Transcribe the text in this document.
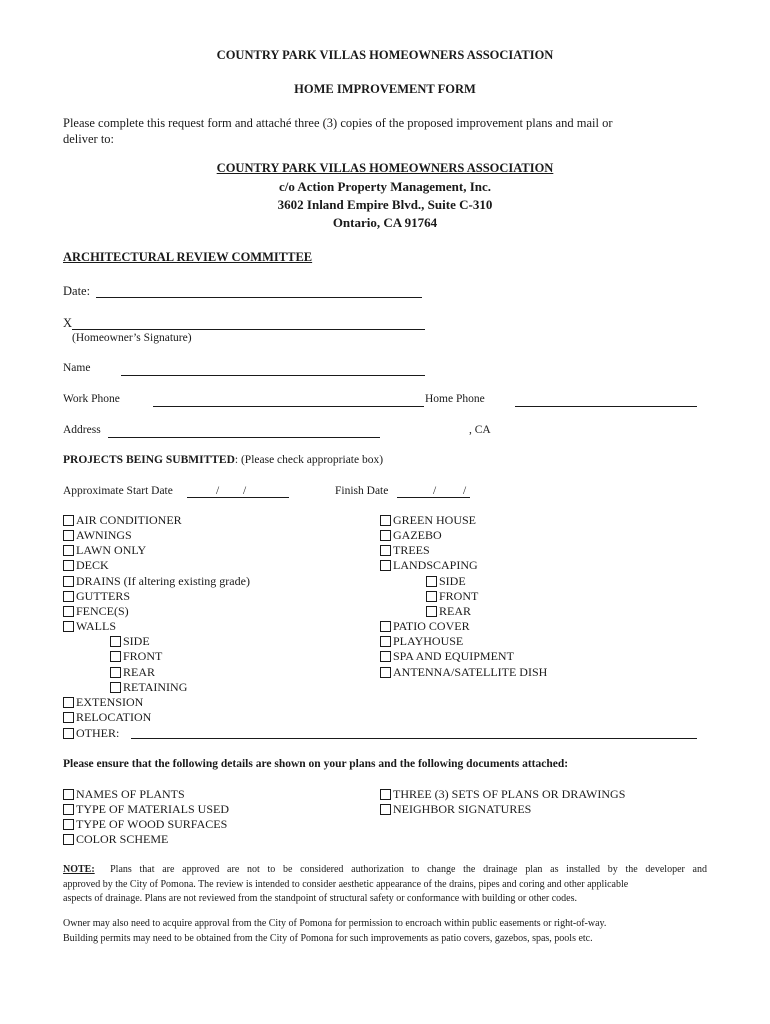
COUNTRY PARK VILLAS HOMEOWNERS ASSOCIATION
HOME IMPROVEMENT FORM
Please complete this request form and attaché three (3) copies of the proposed improvement plans and mail or
deliver to:
COUNTRY PARK VILLAS HOMEOWNERS ASSOCIATION
c/o Action Property Management, Inc.
3602 Inland Empire Blvd., Suite C-310
Ontario, CA 91764
ARCHITECTURAL REVIEW COMMITTEE
Date:
X
(Homeowner’s Signature)
Name
Work Phone	Home Phone
Address	, CA
PROJECTS BEING SUBMITTED: (Please check appropriate box)
Approximate Start Date	/ /	Finish Date	/ /
AIR CONDITIONER
AWNINGS
LAWN ONLY
DECK
DRAINS (If altering existing grade)
GUTTERS
FENCE(S)
WALLS
SIDE
FRONT
REAR
RETAINING
EXTENSION
RELOCATION
OTHER:
GREEN HOUSE
GAZEBO
TREES
LANDSCAPING
SIDE
FRONT
REAR
PATIO COVER
PLAYHOUSE
SPA AND EQUIPMENT
ANTENNA/SATELLITE DISH
Please ensure that the following details are shown on your plans and the following documents attached:
NAMES OF PLANTS
TYPE OF MATERIALS USED
TYPE OF WOOD SURFACES
COLOR SCHEME
THREE (3) SETS OF PLANS OR DRAWINGS
NEIGHBOR SIGNATURES
NOTE: Plans that are approved are not to be considered authorization to change the drainage plan as installed by the developer and
approved by the City of Pomona. The review is intended to consider aesthetic appearance of the drains, pipes and coring and other applicable
aspects of drainage. Plans are not reviewed from the standpoint of structural safety or conformance with building or other codes.
Owner may also need to acquire approval from the City of Pomona for permission to encroach within public easements or right-of-way.
Building permits may need to be obtained from the City of Pomona for such improvements as patio covers, gazebos, spas, pools etc.
